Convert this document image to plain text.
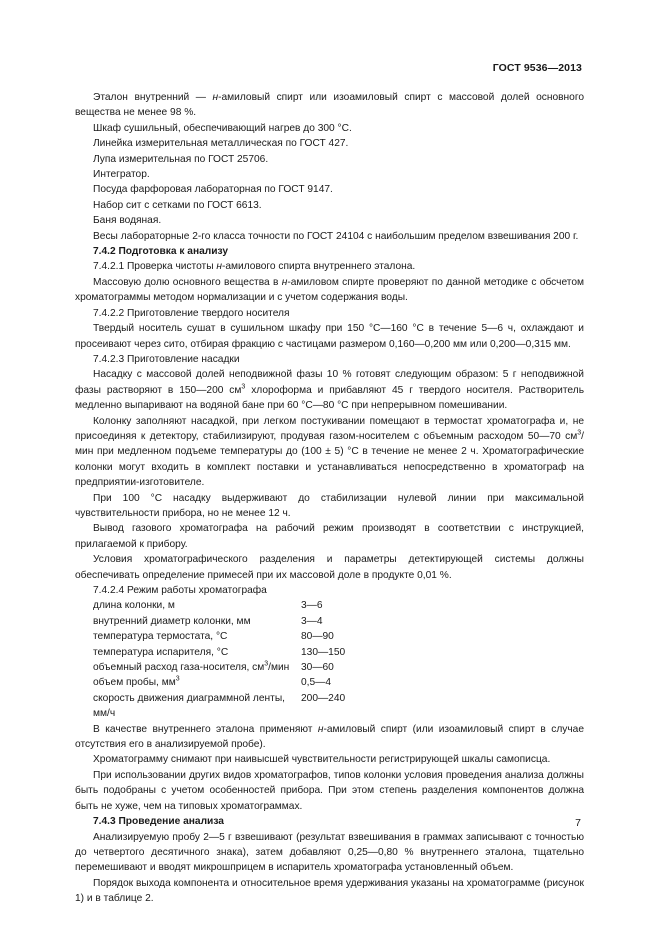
ГОСТ 9536—2013

Эталон внутренний — н-амиловый спирт или изоамиловый спирт с массовой долей основного вещества не менее 98 %.

Шкаф сушильный, обеспечивающий нагрев до 300 °С.

Линейка измерительная металлическая по ГОСТ 427.

Лупа измерительная по ГОСТ 25706.

Интегратор.

Посуда фарфоровая лабораторная по ГОСТ 9147.

Набор сит с сетками по ГОСТ 6613.

Баня водяная.

Весы лабораторные 2-го класса точности по ГОСТ 24104 с наибольшим пределом взвешивания 200 г.

7.4.2 Подготовка к анализу

7.4.2.1 Проверка чистоты н-амилового спирта внутреннего эталона.

Массовую долю основного вещества в н-амиловом спирте проверяют по данной методике с обсчетом хроматограммы методом нормализации и с учетом содержания воды.

7.4.2.2 Приготовление твердого носителя

Твердый носитель сушат в сушильном шкафу при 150 °С—160 °С в течение 5—6 ч, охлаждают и просеивают через сито, отбирая фракцию с частицами размером 0,160—0,200 мм или 0,200—0,315 мм.

7.4.2.3 Приготовление насадки

Насадку с массовой долей неподвижной фазы 10 % готовят следующим образом: 5 г неподвижной фазы растворяют в 150—200 $см^3$ хлороформа и прибавляют 45 г твердого носителя. Растворитель медленно выпаривают на водяной бане при 60 °С—80 °С при непрерывном помешивании.

Колонку заполняют насадкой, при легком постукивании помещают в термостат хроматографа и, не присоединяя к детектору, стабилизируют, продувая газом-носителем с объемным расходом 50—70 $см^3$/мин при медленном подъеме температуры до (100 ± 5) °С в течение не менее 2 ч. Хроматографические колонки могут входить в комплект поставки и устанавливаться непосредственно в хроматограф на предприятии-изготовителе.

При 100 °С насадку выдерживают до стабилизации нулевой линии при максимальной чувствительности прибора, но не менее 12 ч.

Вывод газового хроматографа на рабочий режим производят в соответствии с инструкцией, прилагаемой к прибору.

Условия хроматографического разделения и параметры детектирующей системы должны обеспечивать определение примесей при их массовой доле в продукте 0,01 %.

7.4.2.4 Режим работы хроматографа

длина колонки, м	3—6
внутренний диаметр колонки, мм	3—4
температура термостата, °С	80—90
температура испарителя, °С	130—150
объемный расход газа-носителя, $см^3$/мин	30—60
объем пробы, $мм^3$	0,5—4
скорость движения диаграммной ленты, мм/ч	200—240

В качестве внутреннего эталона применяют н-амиловый спирт (или изоамиловый спирт в случае отсутствия его в анализируемой пробе).

Хроматограмму снимают при наивысшей чувствительности регистрирующей шкалы самописца.

При использовании других видов хроматографов, типов колонки условия проведения анализа должны быть подобраны с учетом особенностей прибора. При этом степень разделения компонентов должна быть не хуже, чем на типовых хроматограммах.

7.4.3 Проведение анализа

Анализируемую пробу 2—5 г взвешивают (результат взвешивания в граммах записывают с точностью до четвертого десятичного знака), затем добавляют 0,25—0,80 % внутреннего эталона, тщательно перемешивают и вводят микрошприцем в испаритель хроматографа установленный объем.

Порядок выхода компонента и относительное время удерживания указаны на хроматограмме (рисунок 1) и в таблице 2.

7
